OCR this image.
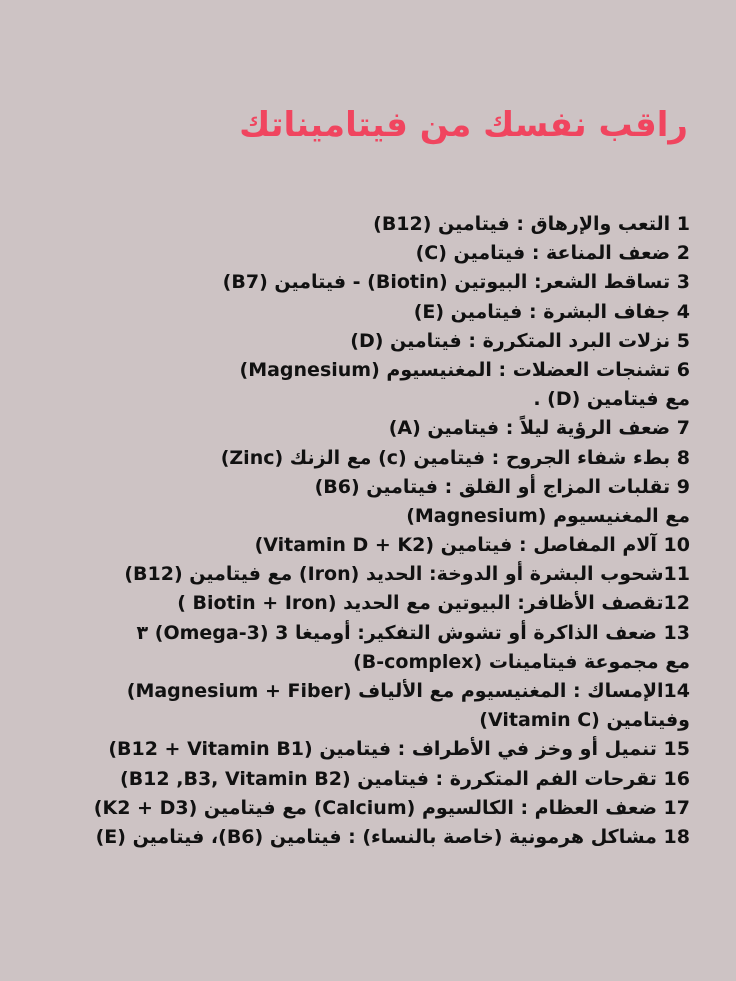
راقب نفسك من فيتاميناتك
1 التعب والإرهاق : فيتامين (B12)
2 ضعف المناعة : فيتامين (C)
3 تساقط الشعر: البيوتين (Biotin) - فيتامين (B7)
4 جفاف البشرة : فيتامين (E)
5 نزلات البرد المتكررة : فيتامين (D)
6 تشنجات العضلات : المغنيسيوم (Magnesium)
مع فيتامين (D) .
7 ضعف الرؤية ليلاً : فيتامين (A)
8 بطء شفاء الجروح : فيتامين (c) مع الزنك (Zinc)
9 تقلبات المزاج أو القلق : فيتامين (B6)
(Magnesium) مع المغنيسيوم
10 آلام المفاصل : فيتامين (Vitamin D + K2)
11شحوب البشرة أو الدوخة: الحديد (Iron) مع فيتامين (B12)
12تقصف الأظافر: البيوتين مع الحديد (Biotin + Iron )
13 ضعف الذاكرة أو تشوش التفكير: أوميغا 3 (Omega-3) ٣
مع مجموعة فيتامينات (B-complex)
14الإمساك : المغنيسيوم مع الألياف (Magnesium + Fiber)
وفيتامين (Vitamin C)
15 تنميل أو وخز في الأطراف : فيتامين (B12 + Vitamin B1)
16 تقرحات الفم المتكررة : فيتامين (B12 ,B3, Vitamin B2)
17 ضعف العظام : الكالسيوم (Calcium) مع فيتامين (K2 + D3)
18 مشاكل هرمونية (خاصة بالنساء) : فيتامين (B6)، فيتامين (E)
